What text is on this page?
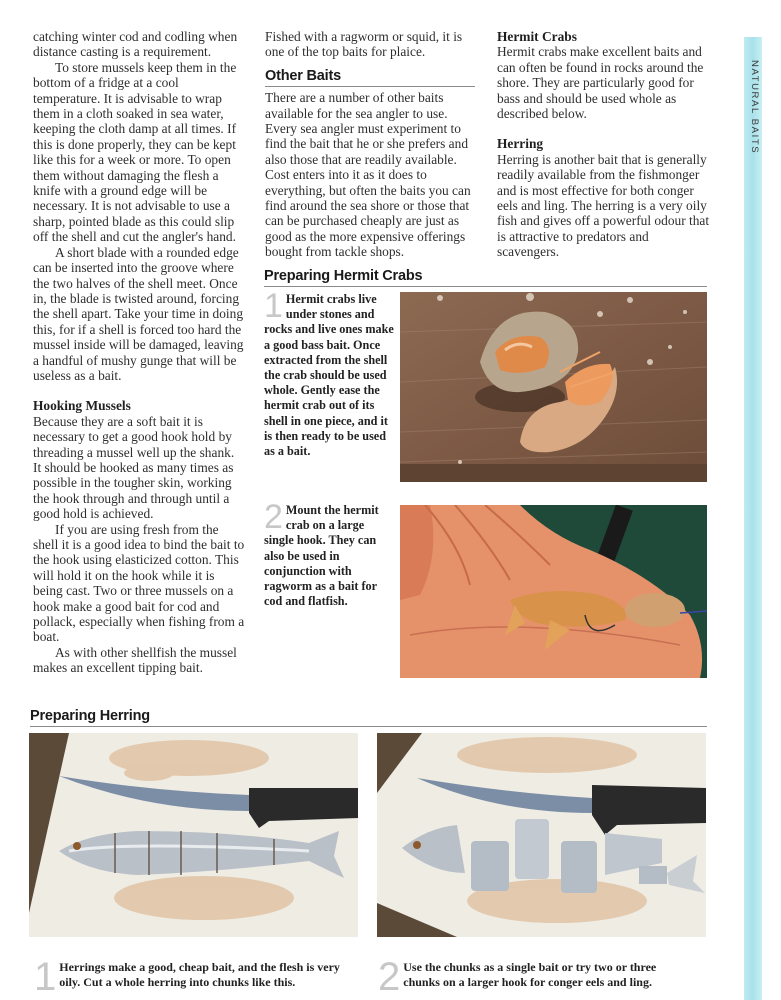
NATURAL BAITS

catching winter cod and codling when distance casting is a requirement.

To store mussels keep them in the bottom of a fridge at a cool temperature. It is advisable to wrap them in a cloth soaked in sea water, keeping the cloth damp at all times. If this is done properly, they can be kept like this for a week or more. To open them without damaging the flesh a knife with a ground edge will be necessary. It is not advisable to use a sharp, pointed blade as this could slip off the shell and cut the angler's hand.

A short blade with a rounded edge can be inserted into the groove where the two halves of the shell meet. Once in, the blade is twisted around, forcing the shell apart. Take your time in doing this, for if a shell is forced too hard the mussel inside will be damaged, leaving a handful of mushy gunge that will be useless as a bait.

Hooking Mussels

Because they are a soft bait it is necessary to get a good hook hold by threading a mussel well up the shank. It should be hooked as many times as possible in the tougher skin, working the hook through and through until a good hold is achieved.

If you are using fresh from the shell it is a good idea to bind the bait to the hook using elasticized cotton. This will hold it on the hook while it is being cast. Two or three mussels on a hook make a good bait for cod and pollack, especially when fishing from a boat.

As with other shellfish the mussel makes an excellent tipping bait.

Fished with a ragworm or squid, it is one of the top baits for plaice.

Other Baits

There are a number of other baits available for the sea angler to use. Every sea angler must experiment to find the bait that he or she prefers and also those that are readily available. Cost enters into it as it does to everything, but often the baits you can find around the sea shore or those that can be purchased cheaply are just as good as the more expensive offerings bought from tackle shops.

Hermit Crabs

Hermit crabs make excellent baits and can often be found in rocks around the shore. They are particularly good for bass and should be used whole as described below.

Herring

Herring is another bait that is generally readily available from the fishmonger and is most effective for both conger eels and ling. The herring is a very oily fish and gives off a powerful odour that is attractive to predators and scavengers.

Preparing Hermit Crabs
1 Hermit crabs live under stones and rocks and live ones make a good bass bait. Once extracted from the shell the crab should be used whole. Gently ease the hermit crab out of its shell in one piece, and it is then ready to be used as a bait.
2 Mount the hermit crab on a large single hook. They can also be used in conjunction with ragworm as a bait for cod and flatfish.
Preparing Herring
1 Herrings make a good, cheap bait, and the flesh is very oily. Cut a whole herring into chunks like this.	2 Use the chunks as a single bait or try two or three chunks on a larger hook for conger eels and ling.
